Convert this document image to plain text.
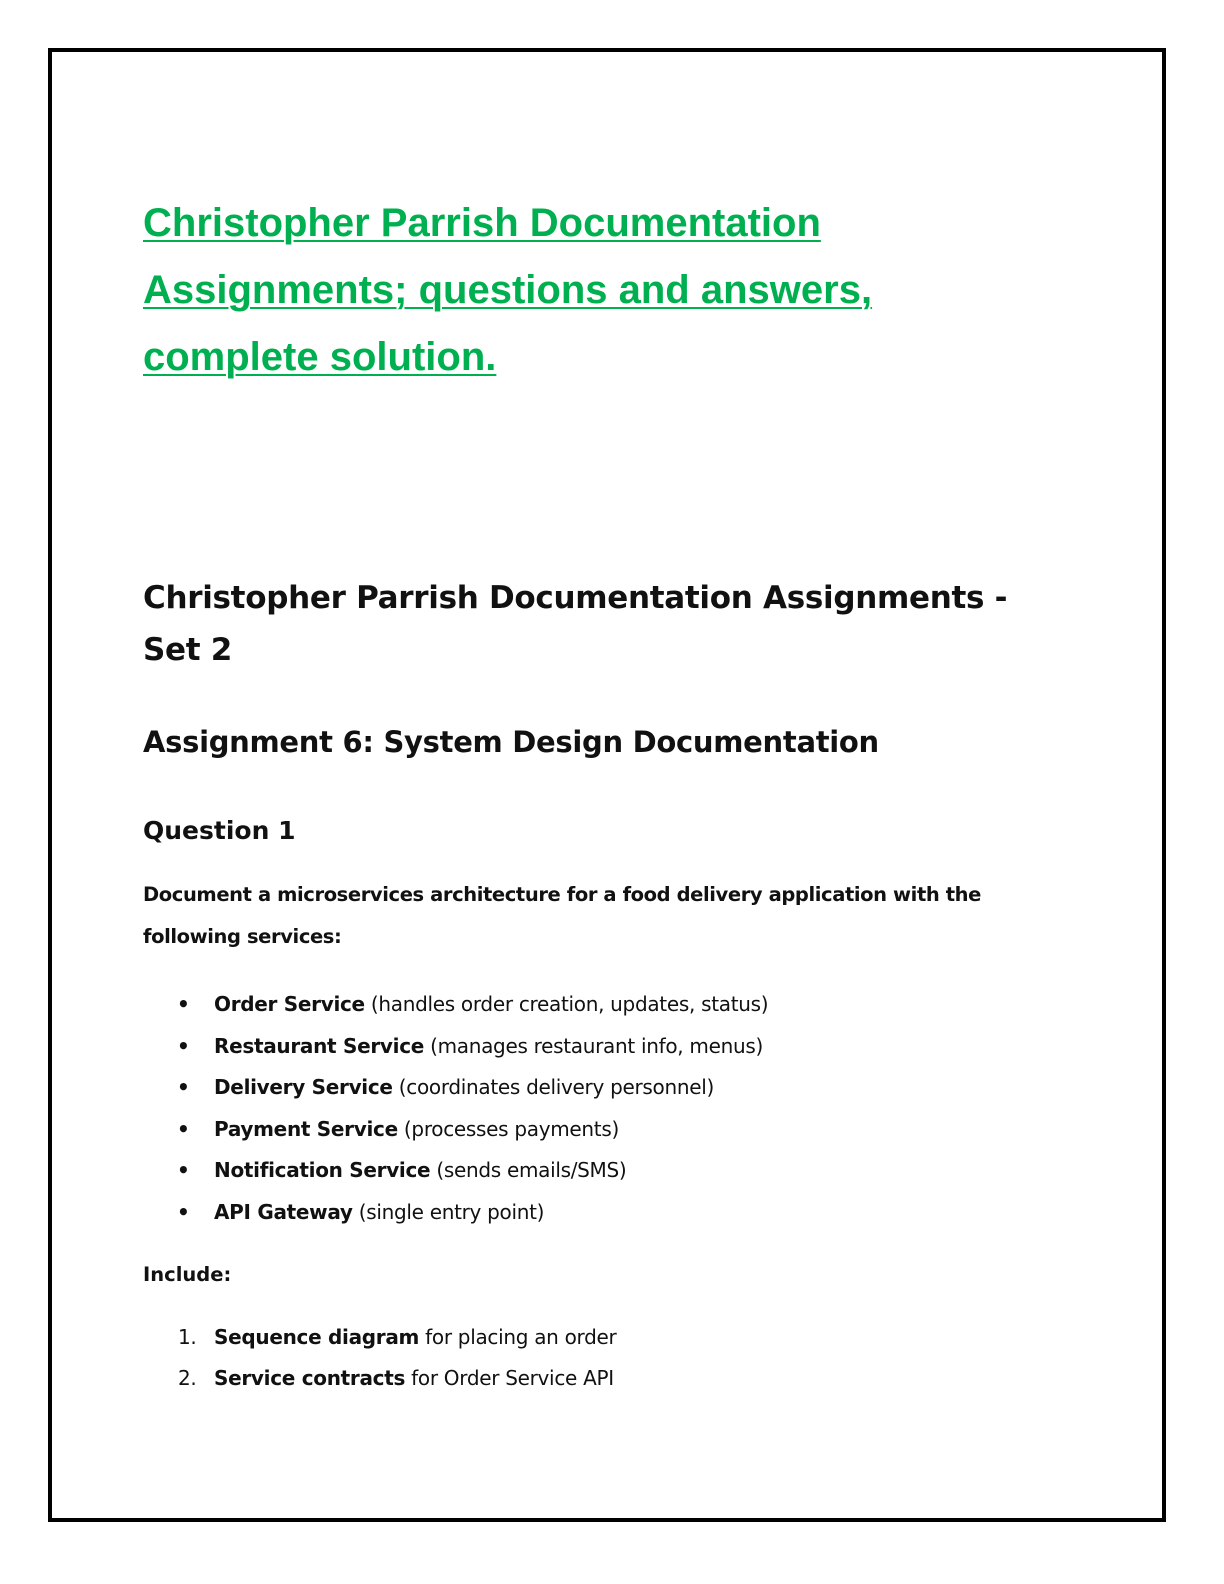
Christopher Parrish Documentation
Assignments; questions and answers,
complete solution.
Christopher Parrish Documentation Assignments - Set 2
Assignment 6: System Design Documentation
Question 1

Document a microservices architecture for a food delivery application with the following services:

• Order Service (handles order creation, updates, status)
• Restaurant Service (manages restaurant info, menus)
• Delivery Service (coordinates delivery personnel)
• Payment Service (processes payments)
• Notification Service (sends emails/SMS)
• API Gateway (single entry point)

Include:

1. Sequence diagram for placing an order
2. Service contracts for Order Service API
